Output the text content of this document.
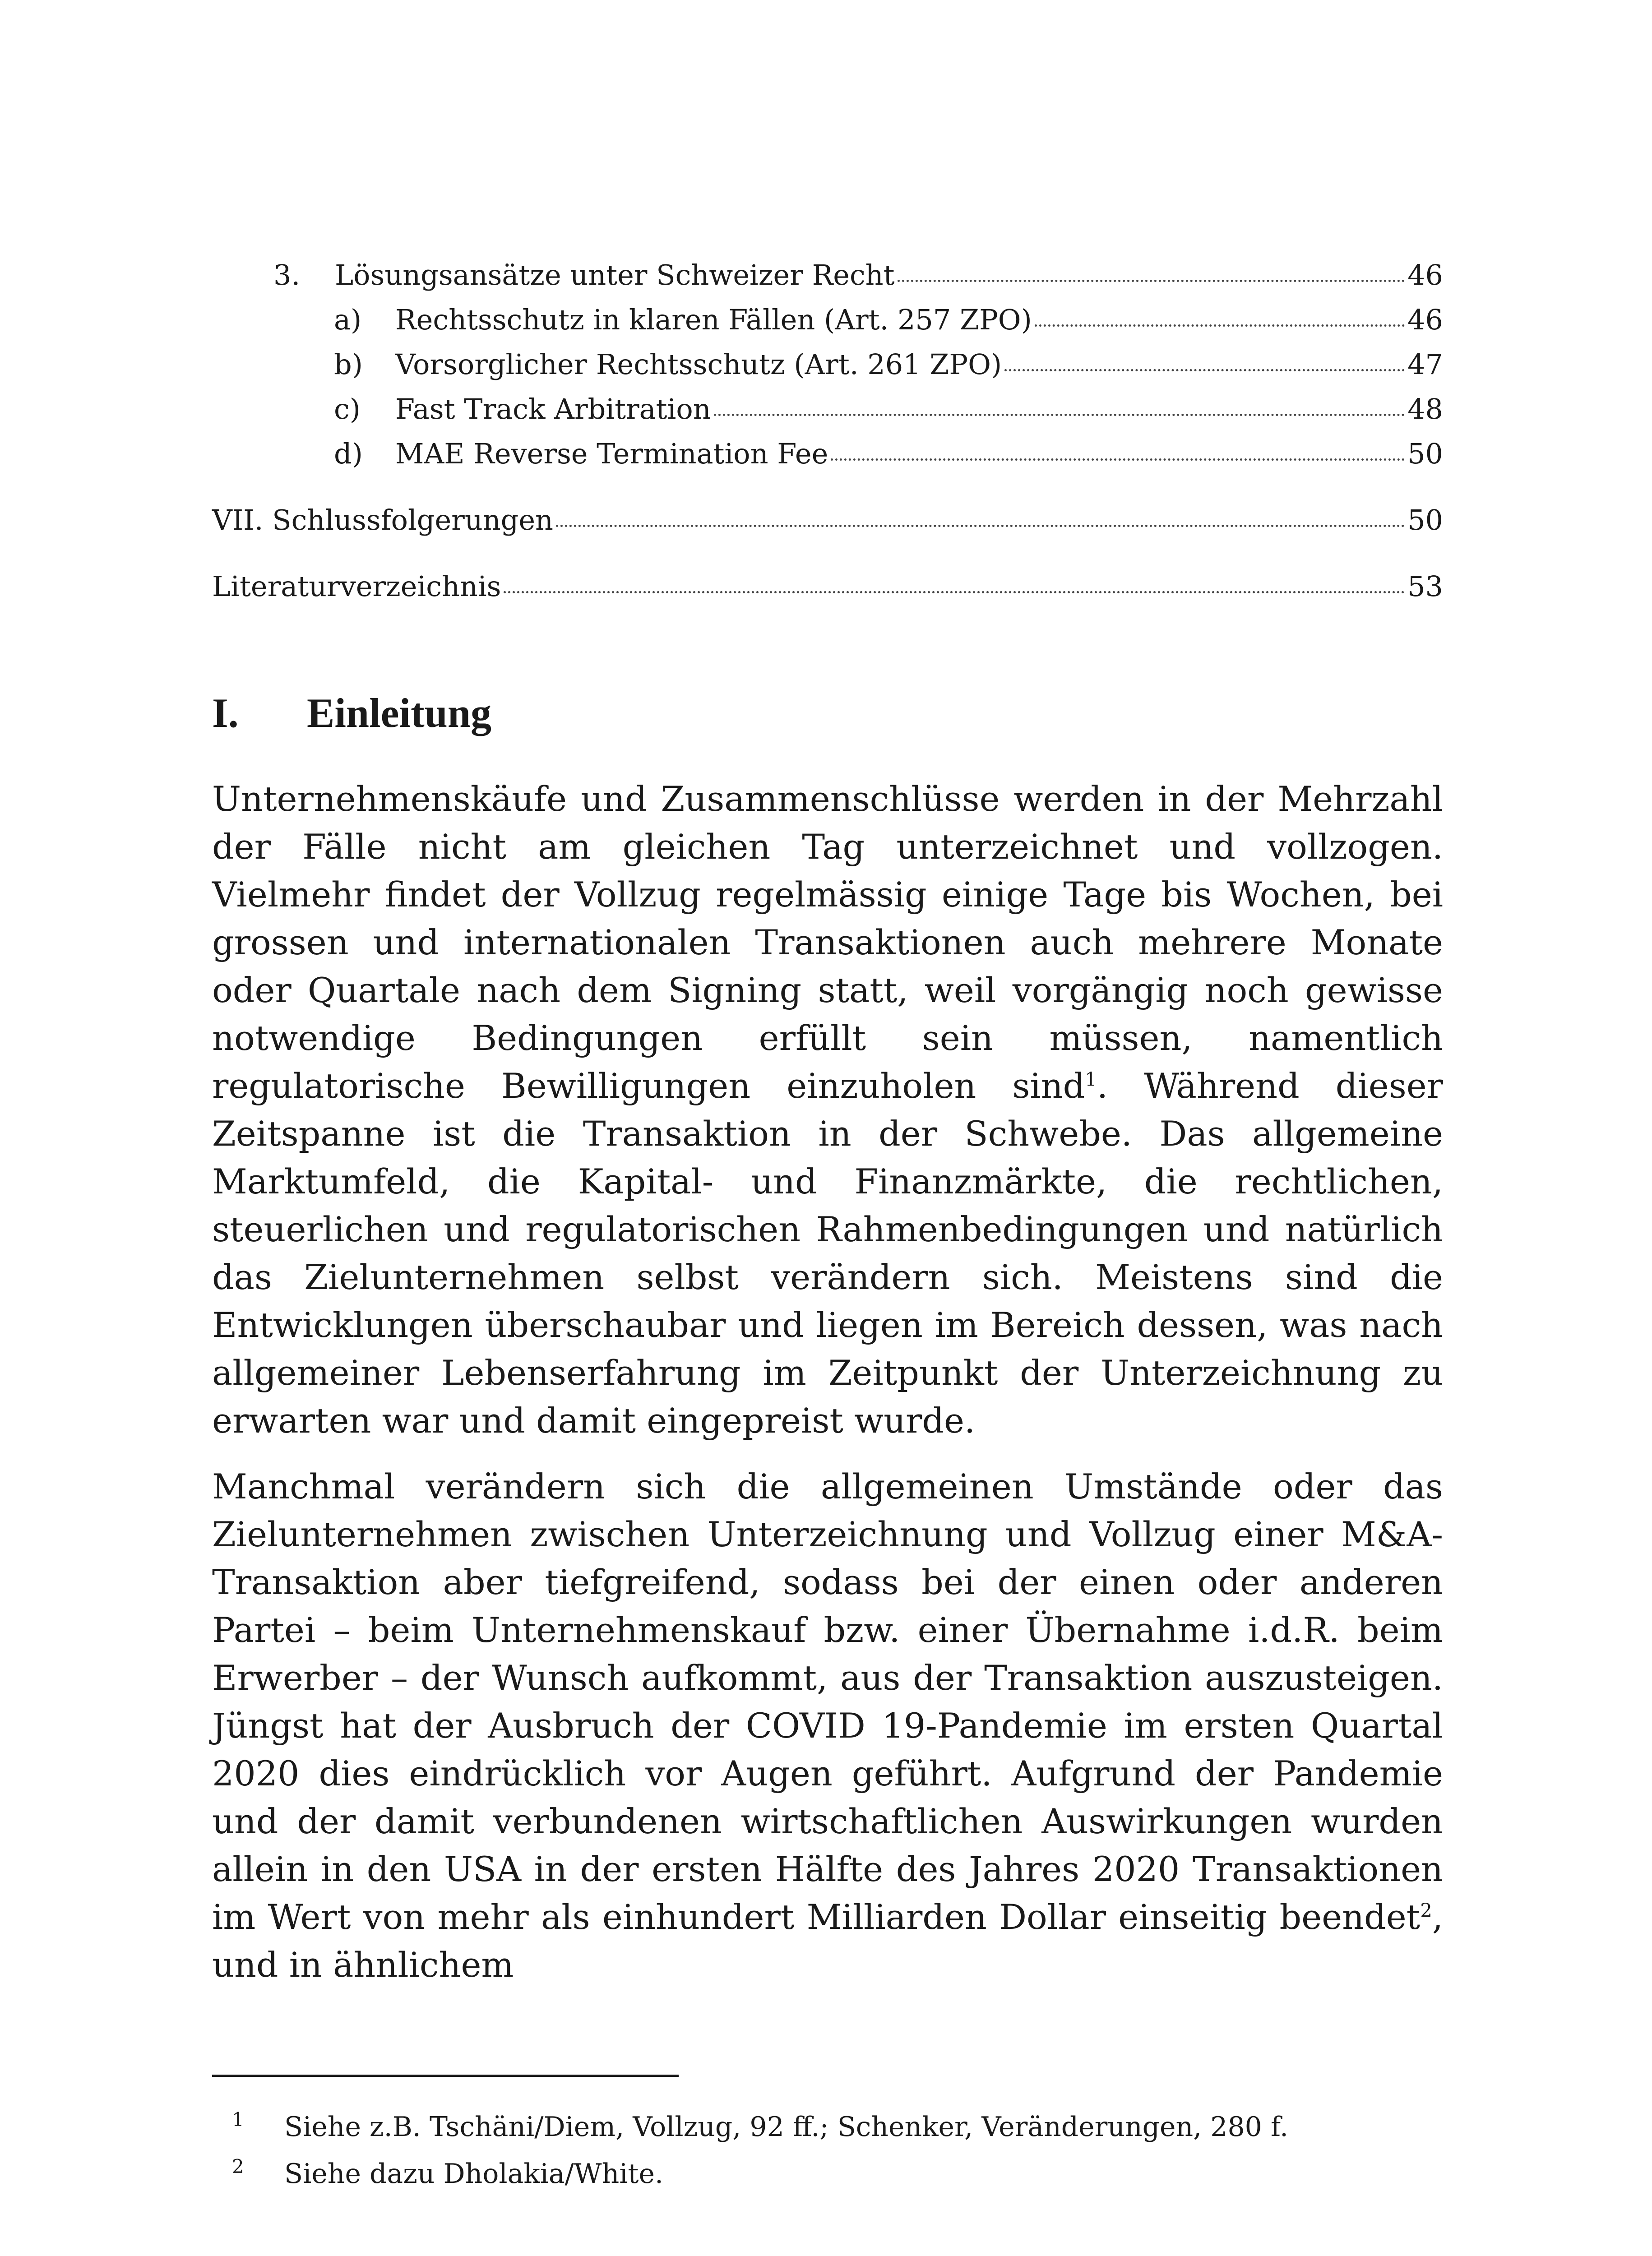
3.	Lösungsansätze unter Schweizer Recht	46
a)	Rechtsschutz in klaren Fällen (Art. 257 ZPO)	46
b)	Vorsorglicher Rechtsschutz (Art. 261 ZPO)	47
c)	Fast Track Arbitration	48
d)	MAE Reverse Termination Fee	50
VII. Schlussfolgerungen	50
Literaturverzeichnis	53
I. Einleitung

Unternehmenskäufe und Zusammenschlüsse werden in der Mehrzahl der Fälle nicht am gleichen Tag unterzeichnet und vollzogen. Vielmehr findet der Vollzug regelmässig einige Tage bis Wochen, bei grossen und internationalen Transaktionen auch mehrere Monate oder Quartale nach dem Signing statt, weil vorgängig noch gewisse notwendige Bedingungen erfüllt sein müssen, namentlich regulatorische Bewilligungen einzuholen sind$^1$. Während dieser Zeitspanne ist die Transaktion in der Schwebe. Das allgemeine Marktumfeld, die Kapital- und Finanzmärkte, die rechtlichen, steuerlichen und regulatorischen Rahmenbedingungen und natürlich das Zielunternehmen selbst verändern sich. Meistens sind die Entwicklungen überschaubar und liegen im Bereich dessen, was nach allgemeiner Lebenserfahrung im Zeitpunkt der Unterzeichnung zu erwarten war und damit eingepreist wurde.

Manchmal verändern sich die allgemeinen Umstände oder das Zielunternehmen zwischen Unterzeichnung und Vollzug einer M&A-Transaktion aber tiefgreifend, sodass bei der einen oder anderen Partei – beim Unternehmenskauf bzw. einer Übernahme i.d.R. beim Erwerber – der Wunsch aufkommt, aus der Transaktion auszusteigen. Jüngst hat der Ausbruch der COVID 19-Pandemie im ersten Quartal 2020 dies eindrücklich vor Augen geführt. Aufgrund der Pandemie und der damit verbundenen wirtschaftlichen Auswirkungen wurden allein in den USA in der ersten Hälfte des Jahres 2020 Transaktionen im Wert von mehr als einhundert Milliarden Dollar einseitig beendet$^2$, und in ähnlichem

1	Siehe z.B. Tschäni/Diem, Vollzug, 92 ff.; Schenker, Veränderungen, 280 f.
2	Siehe dazu Dholakia/White.
